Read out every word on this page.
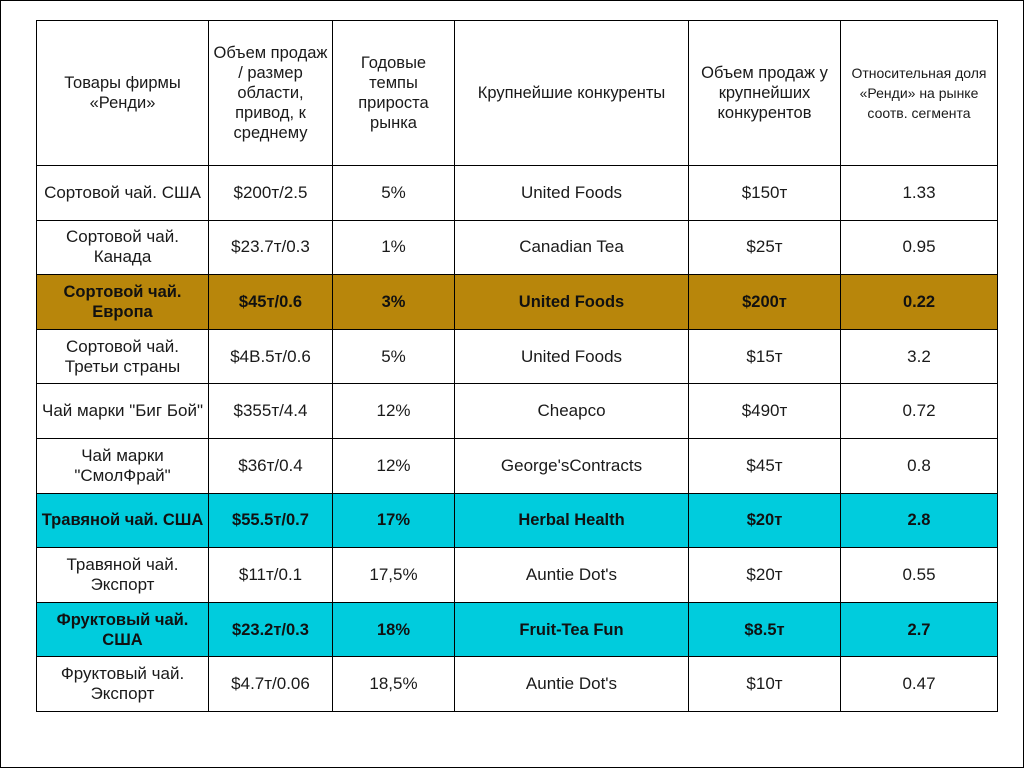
Товары фирмы «Ренди»	Объем продаж / размер области, привод, к среднему	Годовые темпы прироста рынка	Крупнейшие конкуренты	Объем продаж у крупнейших конкурентов	Относительная доля «Ренди» на рынке соотв. сегмента
Сортовой чай. США	$200т/2.5	5%	United Foods	$150т	1.33
Сортовой чай. Канада	$23.7т/0.3	1%	Canadian Tea	$25т	0.95
Сортовой чай. Европа	$45т/0.6	3%	United Foods	$200т	0.22
Сортовой чай. Третьи страны	$4В.5т/0.6	5%	United Foods	$15т	3.2
Чай марки "Биг Бой"	$355т/4.4	12%	Cheapco	$490т	0.72
Чай марки "СмолФрай"	$36т/0.4	12%	George'sContracts	$45т	0.8
Травяной чай. США	$55.5т/0.7	17%	Herbal Health	$20т	2.8
Травяной чай. Экспорт	$11т/0.1	17,5%	Auntie Dot's	$20т	0.55
Фруктовый чай. США	$23.2т/0.3	18%	Fruit-Tea Fun	$8.5т	2.7
Фруктовый чай. Экспорт	$4.7т/0.06	18,5%	Auntie Dot's	$10т	0.47
